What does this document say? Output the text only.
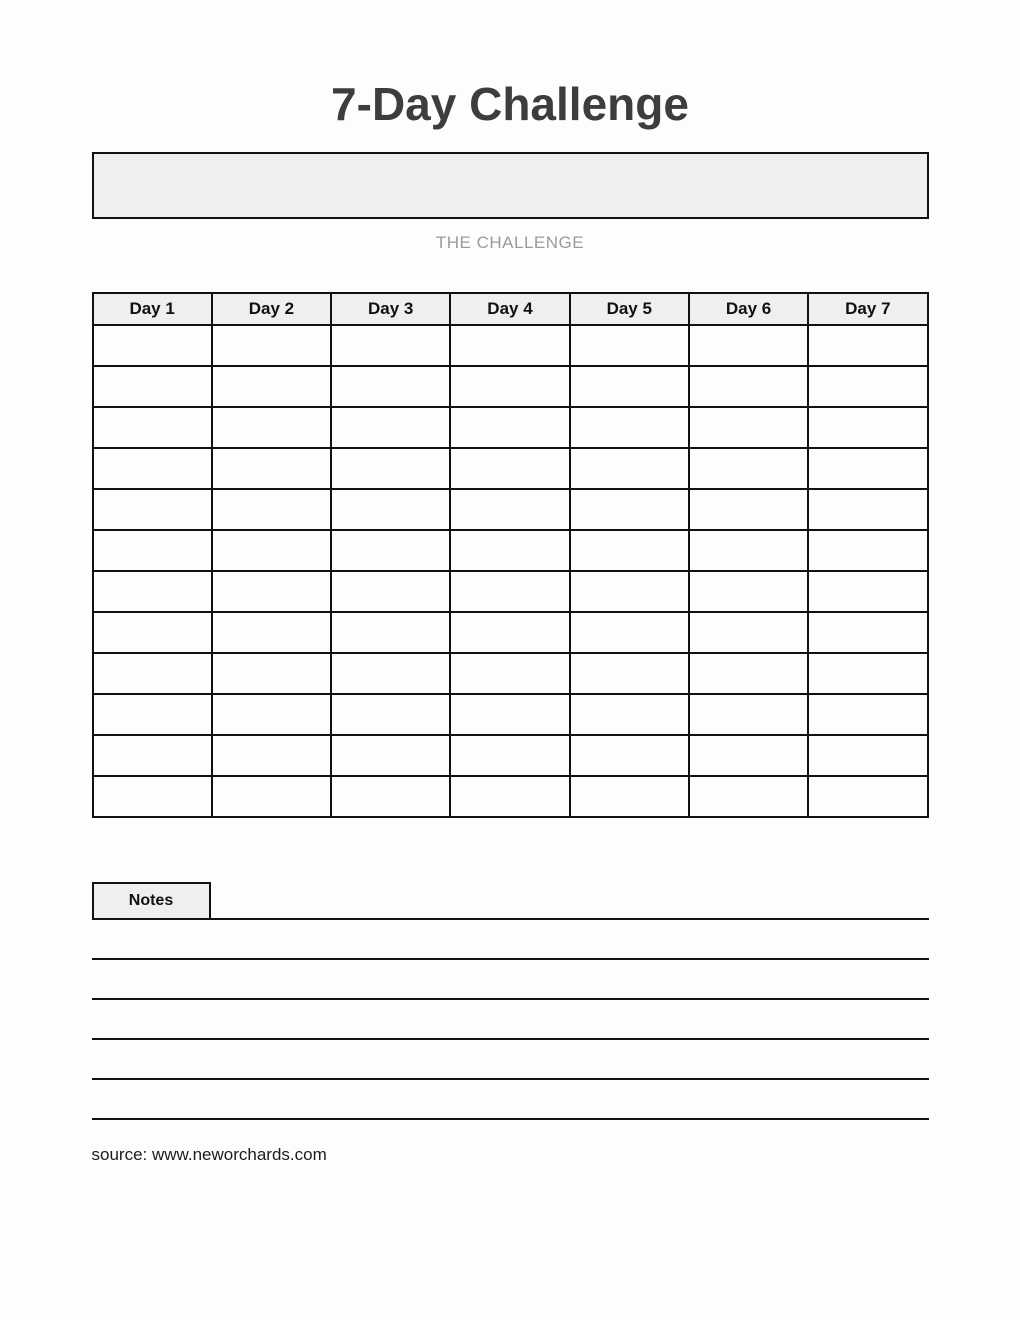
7-Day Challenge
THE CHALLENGE
Day 1	Day 2	Day 3	Day 4	Day 5	Day 6	Day 7

Notes
source: www.neworchards.com
